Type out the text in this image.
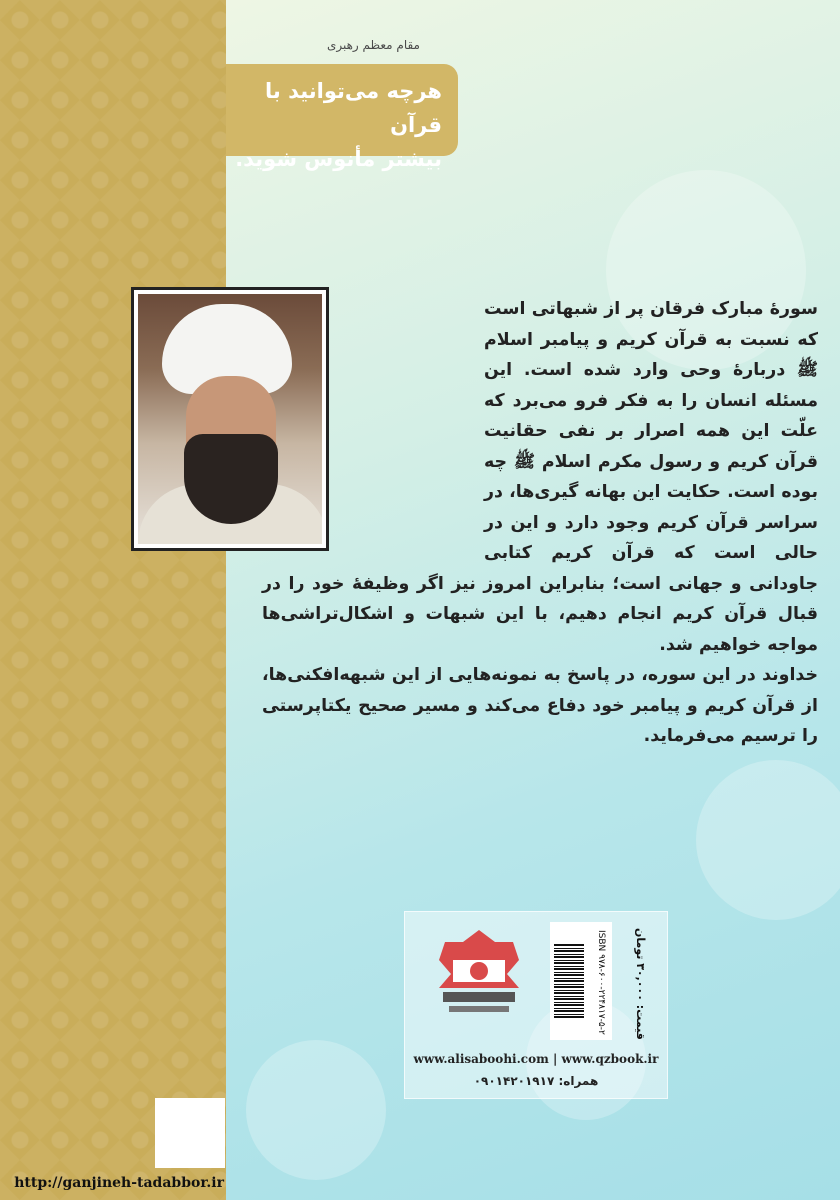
مقام معظم رهبری
هرچه می‌توانید با قرآن
بیشتر مأنوس شوید.
سورهٔ مبارک فرقان پر از شبهاتی است که نسبت به قرآن کریم و پیامبر اسلام ﷺ دربارهٔ وحی وارد شده است. این مسئله انسان را به فکر فرو می‌برد که علّت این همه اصرار بر نفی حقانیت قرآن کریم و رسول مکرم اسلام ﷺ چه بوده است. حکایت این بهانه گیری‌ها، در سراسر قرآن کریم وجود دارد و این در حالی است که قرآن کریم کتابی جاودانی و جهانی است؛ بنابراین امروز نیز اگر وظیفهٔ خود را در قبال قرآن کریم انجام دهیم، با این شبهات و اشکال‌تراشی‌ها مواجه خواهیم شد.
خداوند در این سوره، در پاسخ به نمونه‌هایی از این شبهه‌افکنی‌ها، از قرآن کریم و پیامبر خود دفاع می‌کند و مسیر صحیح یکتاپرستی را ترسیم می‌فرماید.
ISBN ۹۷۸-۶۰۰-۲۲۴۸۱۷-۵-۲	قیمت: ۳۰,۰۰۰ تومان
www.alisaboohi.com | www.qzbook.ir
همراه: ۰۹۰۱۴۲۰۱۹۱۷
http://ganjineh-tadabbor.ir
